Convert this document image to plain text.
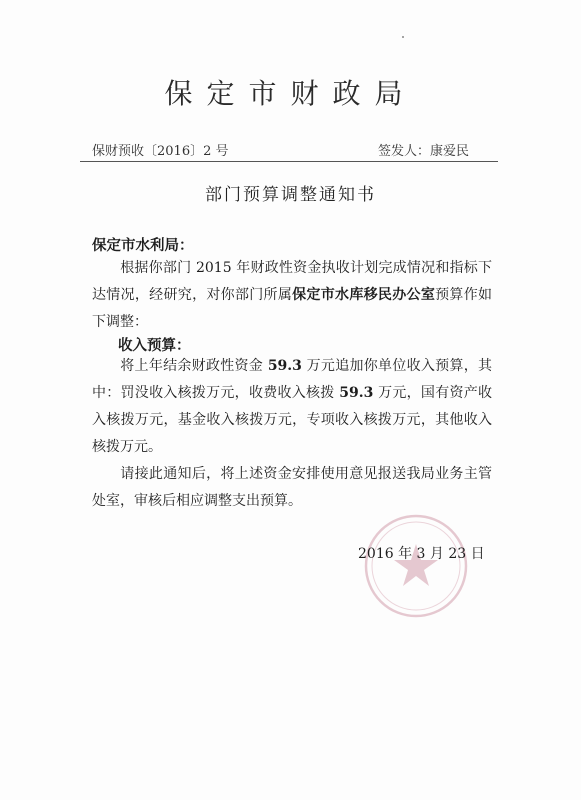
保定市财政局
保财预收〔2016〕2 号	签发人：康爱民
部门预算调整通知书
保定市水利局：
根据你部门 2015 年财政性资金执收计划完成情况和指标下达情况，经研究，对你部门所属保定市水库移民办公室预算作如下调整：
收入预算：
将上年结余财政性资金 59.3 万元追加你单位收入预算，其中：罚没收入核拨万元，收费收入核拨 59.3 万元，国有资产收入核拨万元，基金收入核拨万元，专项收入核拨万元，其他收入核拨万元。
请接此通知后，将上述资金安排使用意见报送我局业务主管处室，审核后相应调整支出预算。
2016 年 3 月 23 日
